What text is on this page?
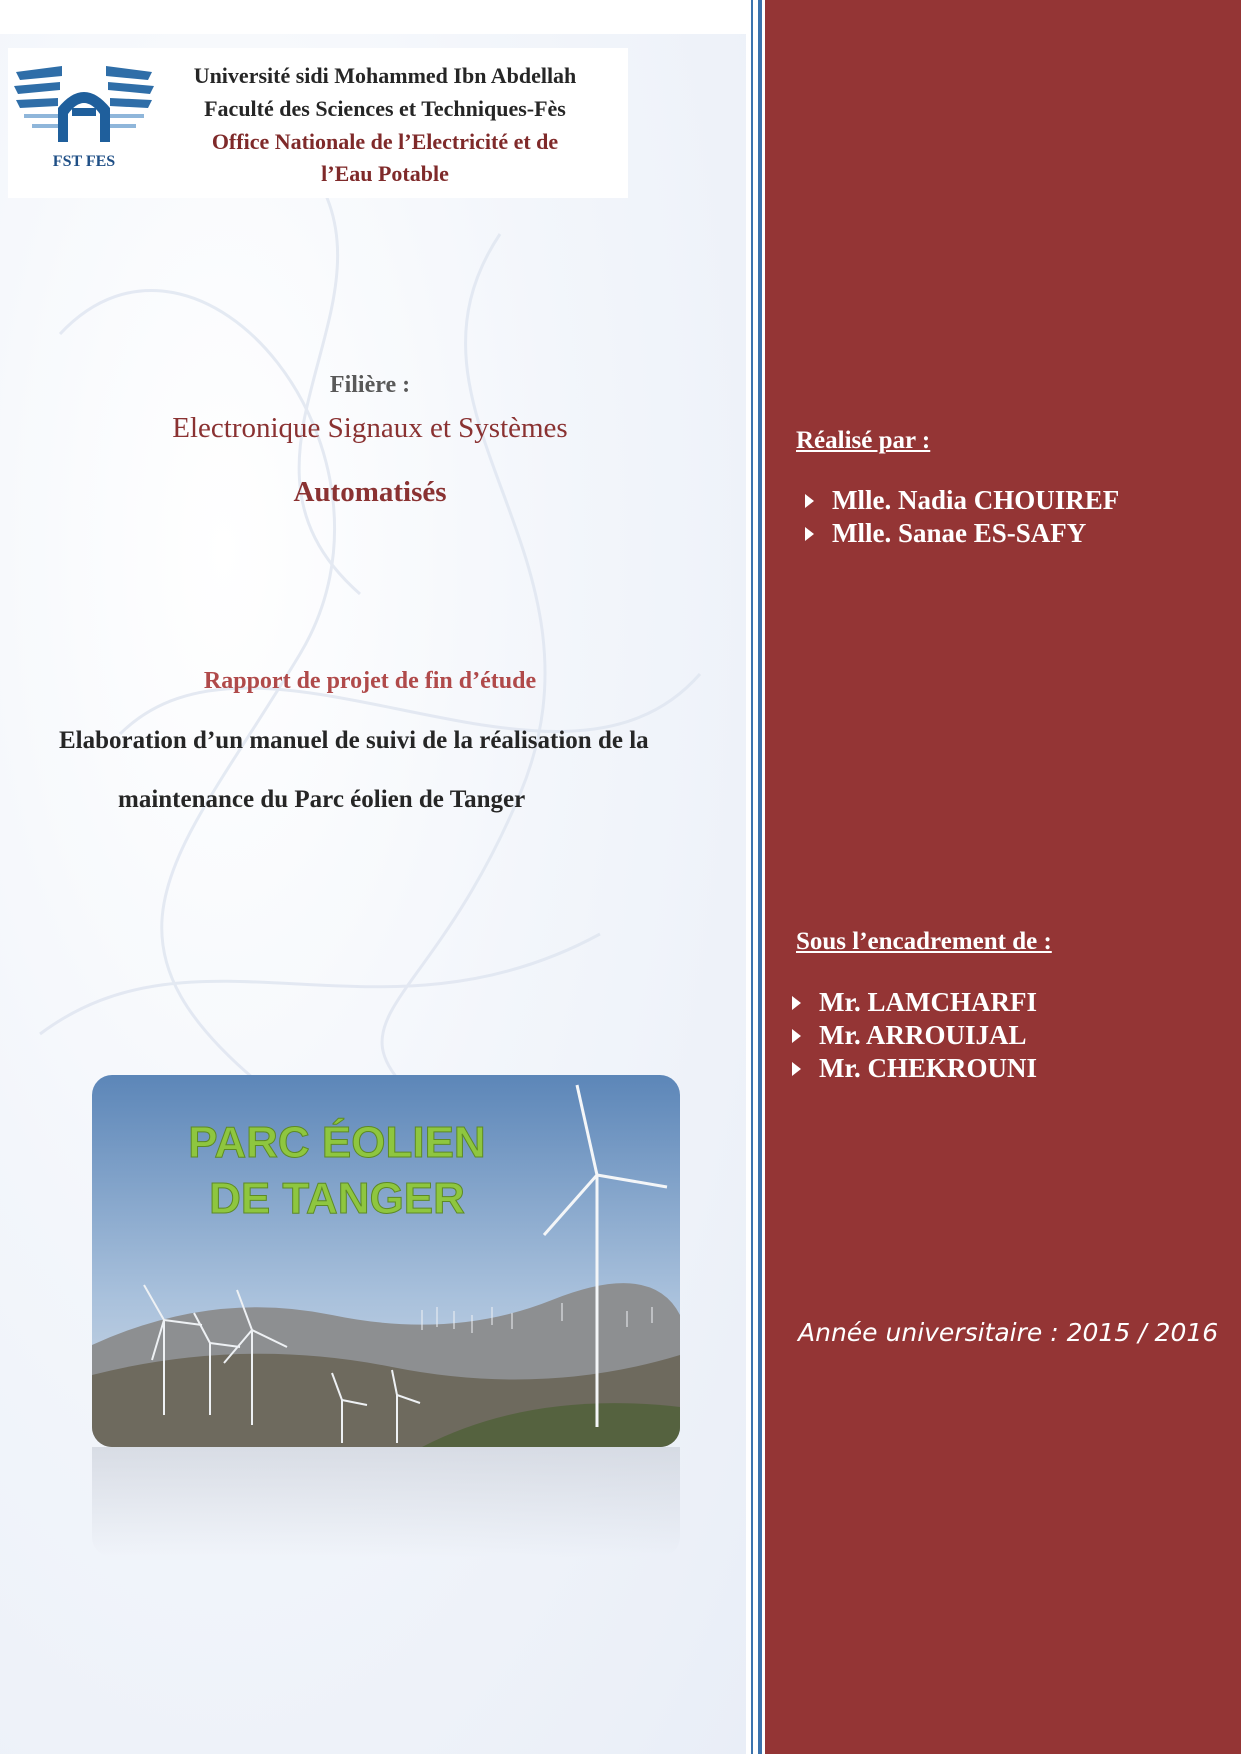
FST FES
Université sidi Mohammed Ibn Abdellah
Faculté des Sciences et Techniques-Fès
Office Nationale de l’Electricité et de
l’Eau Potable
Filière :
Electronique Signaux et Systèmes
Automatisés
Rapport de projet de fin d’étude
Elaboration d’un manuel de suivi de la réalisation de la
maintenance du Parc éolien de Tanger
PARC ÉOLIEN
DE TANGER
Réalisé par :
Mlle. Nadia CHOUIREF
Mlle. Sanae ES-SAFY
Sous l’encadrement de :
Mr. LAMCHARFI
Mr. ARROUIJAL
Mr. CHEKROUNI
Année universitaire : 2015 / 2016
